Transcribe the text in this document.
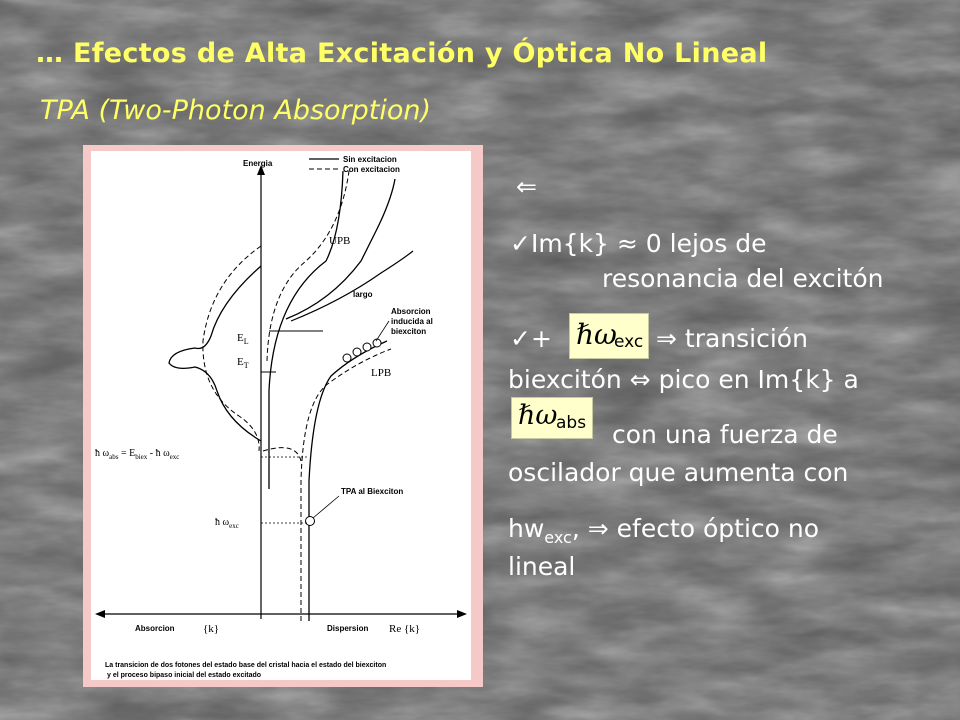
… Efectos de Alta Excitación y Óptica No Lineal
TPA (Two-Photon Absorption)
Energia	Sin excitacion
Con excitacion
UPB
largo
Absorcion
inducida al
biexciton
LPB
$E_L$
$E_T$
ħ $\omega_{abs} = E_{biex}$ - ħ $\omega_{exc}$
ħ $\omega_{exc}$
TPA al Biexciton
Absorcion	{k}	Dispersion Re {k}
La transicion de dos fotones del estado base del cristal hacia el estado del biexciton
y el proceso bipaso inicial del estado excitado
⇐
✓Im{k} ≈ 0 lejos de
resonancia del excitón
✓+ ℏω
exc ⇒ transición
biexcitón ⇔ pico en Im{k} a
ℏω
abs con una fuerza de
oscilador que aumenta con
$hw_{exc}$, ⇒ efecto óptico no
lineal
